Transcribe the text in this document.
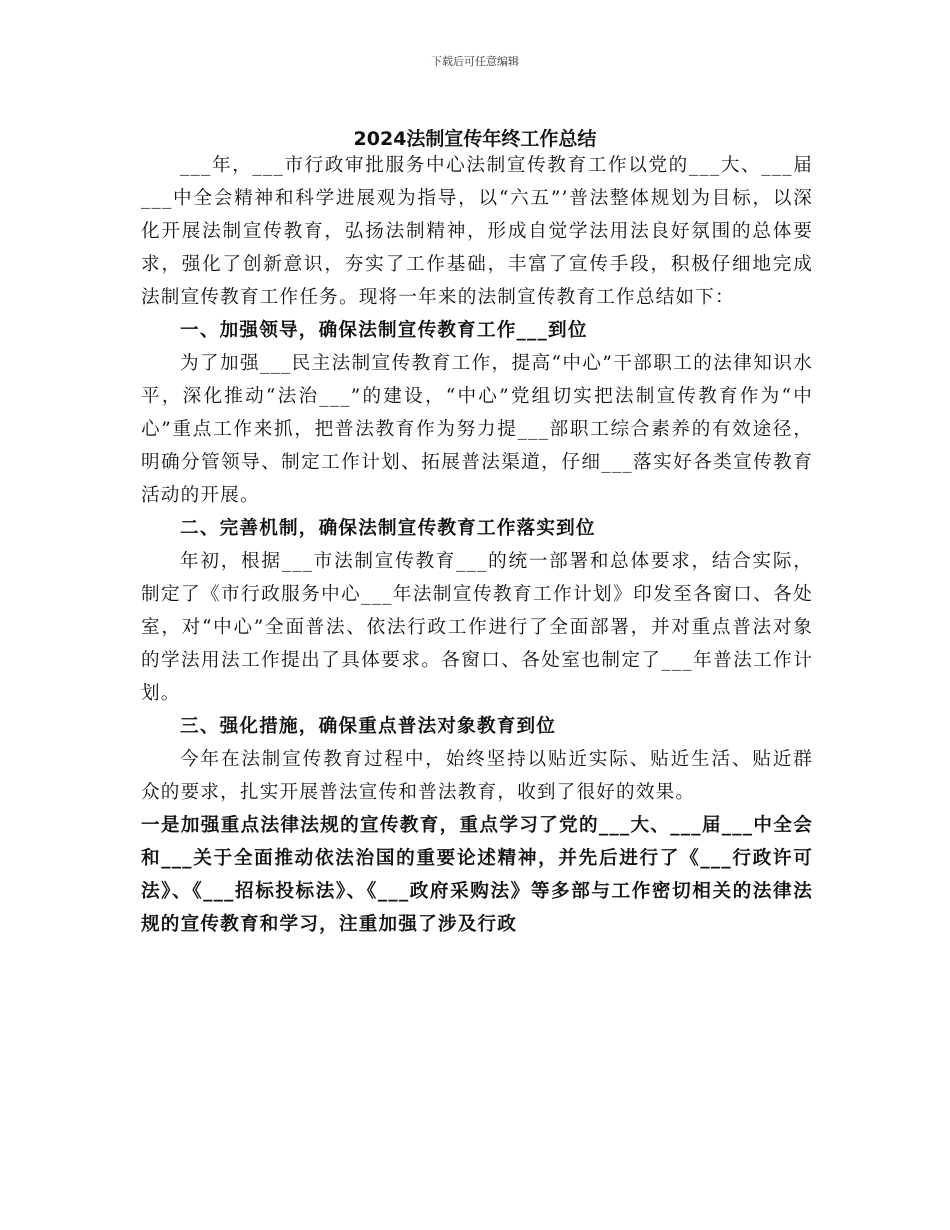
下载后可任意编辑
2024法制宣传年终工作总结

___年，___市行政审批服务中心法制宣传教育工作以党的___大、___届___中全会精神和科学进展观为指导，以“六五”’普法整体规划为目标，以深化开展法制宣传教育，弘扬法制精神，形成自觉学法用法良好氛围的总体要求，强化了创新意识，夯实了工作基础，丰富了宣传手段，积极仔细地完成法制宣传教育工作任务。现将一年来的法制宣传教育工作总结如下：

一、加强领导，确保法制宣传教育工作___到位

为了加强___民主法制宣传教育工作，提高“中心”干部职工的法律知识水平，深化推动“法治___”的建设，“中心”党组切实把法制宣传教育作为“中心”重点工作来抓，把普法教育作为努力提___部职工综合素养的有效途径，明确分管领导、制定工作计划、拓展普法渠道，仔细___落实好各类宣传教育活动的开展。

二、完善机制，确保法制宣传教育工作落实到位

年初，根据___市法制宣传教育___的统一部署和总体要求，结合实际，制定了《市行政服务中心___年法制宣传教育工作计划》印发至各窗口、各处室，对“中心”全面普法、依法行政工作进行了全面部署，并对重点普法对象的学法用法工作提出了具体要求。各窗口、各处室也制定了___年普法工作计划。

三、强化措施，确保重点普法对象教育到位

今年在法制宣传教育过程中，始终坚持以贴近实际、贴近生活、贴近群众的要求，扎实开展普法宣传和普法教育，收到了很好的效果。

一是加强重点法律法规的宣传教育，重点学习了党的___大、___届___中全会和___关于全面推动依法治国的重要论述精神，并先后进行了《___行政许可法》、《___招标投标法》、《___政府采购法》等多部与工作密切相关的法律法规的宣传教育和学习，注重加强了涉及行政
